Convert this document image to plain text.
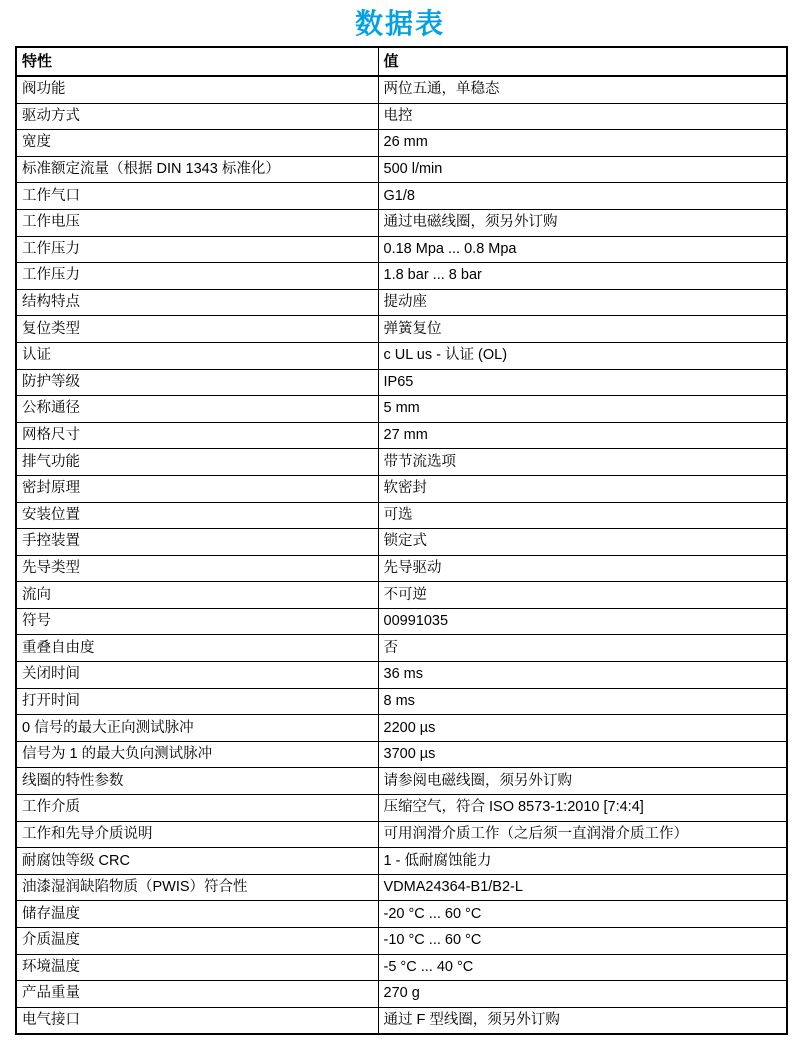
数据表
特性	值
阀功能	两位五通，单稳态
驱动方式	电控
宽度	26 mm
标准额定流量（根据 DIN 1343 标准化）	500 l/min
工作气口	G1/8
工作电压	通过电磁线圈，须另外订购
工作压力	0.18 Mpa ... 0.8 Mpa
工作压力	1.8 bar ... 8 bar
结构特点	提动座
复位类型	弹簧复位
认证	c UL us - 认证 (OL)
防护等级	IP65
公称通径	5 mm
网格尺寸	27 mm
排气功能	带节流选项
密封原理	软密封
安装位置	可选
手控装置	锁定式
先导类型	先导驱动
流向	不可逆
符号	00991035
重叠自由度	否
关闭时间	36 ms
打开时间	8 ms
0 信号的最大正向测试脉冲	2200 µs
信号为 1 的最大负向测试脉冲	3700 µs
线圈的特性参数	请参阅电磁线圈，须另外订购
工作介质	压缩空气，符合 ISO 8573-1:2010 [7:4:4]
工作和先导介质说明	可用润滑介质工作（之后须一直润滑介质工作）
耐腐蚀等级 CRC	1 - 低耐腐蚀能力
油漆湿润缺陷物质（PWIS）符合性	VDMA24364-B1/B2-L
储存温度	-20 °C ... 60 °C
介质温度	-10 °C ... 60 °C
环境温度	-5 °C ... 40 °C
产品重量	270 g
电气接口	通过 F 型线圈，须另外订购
